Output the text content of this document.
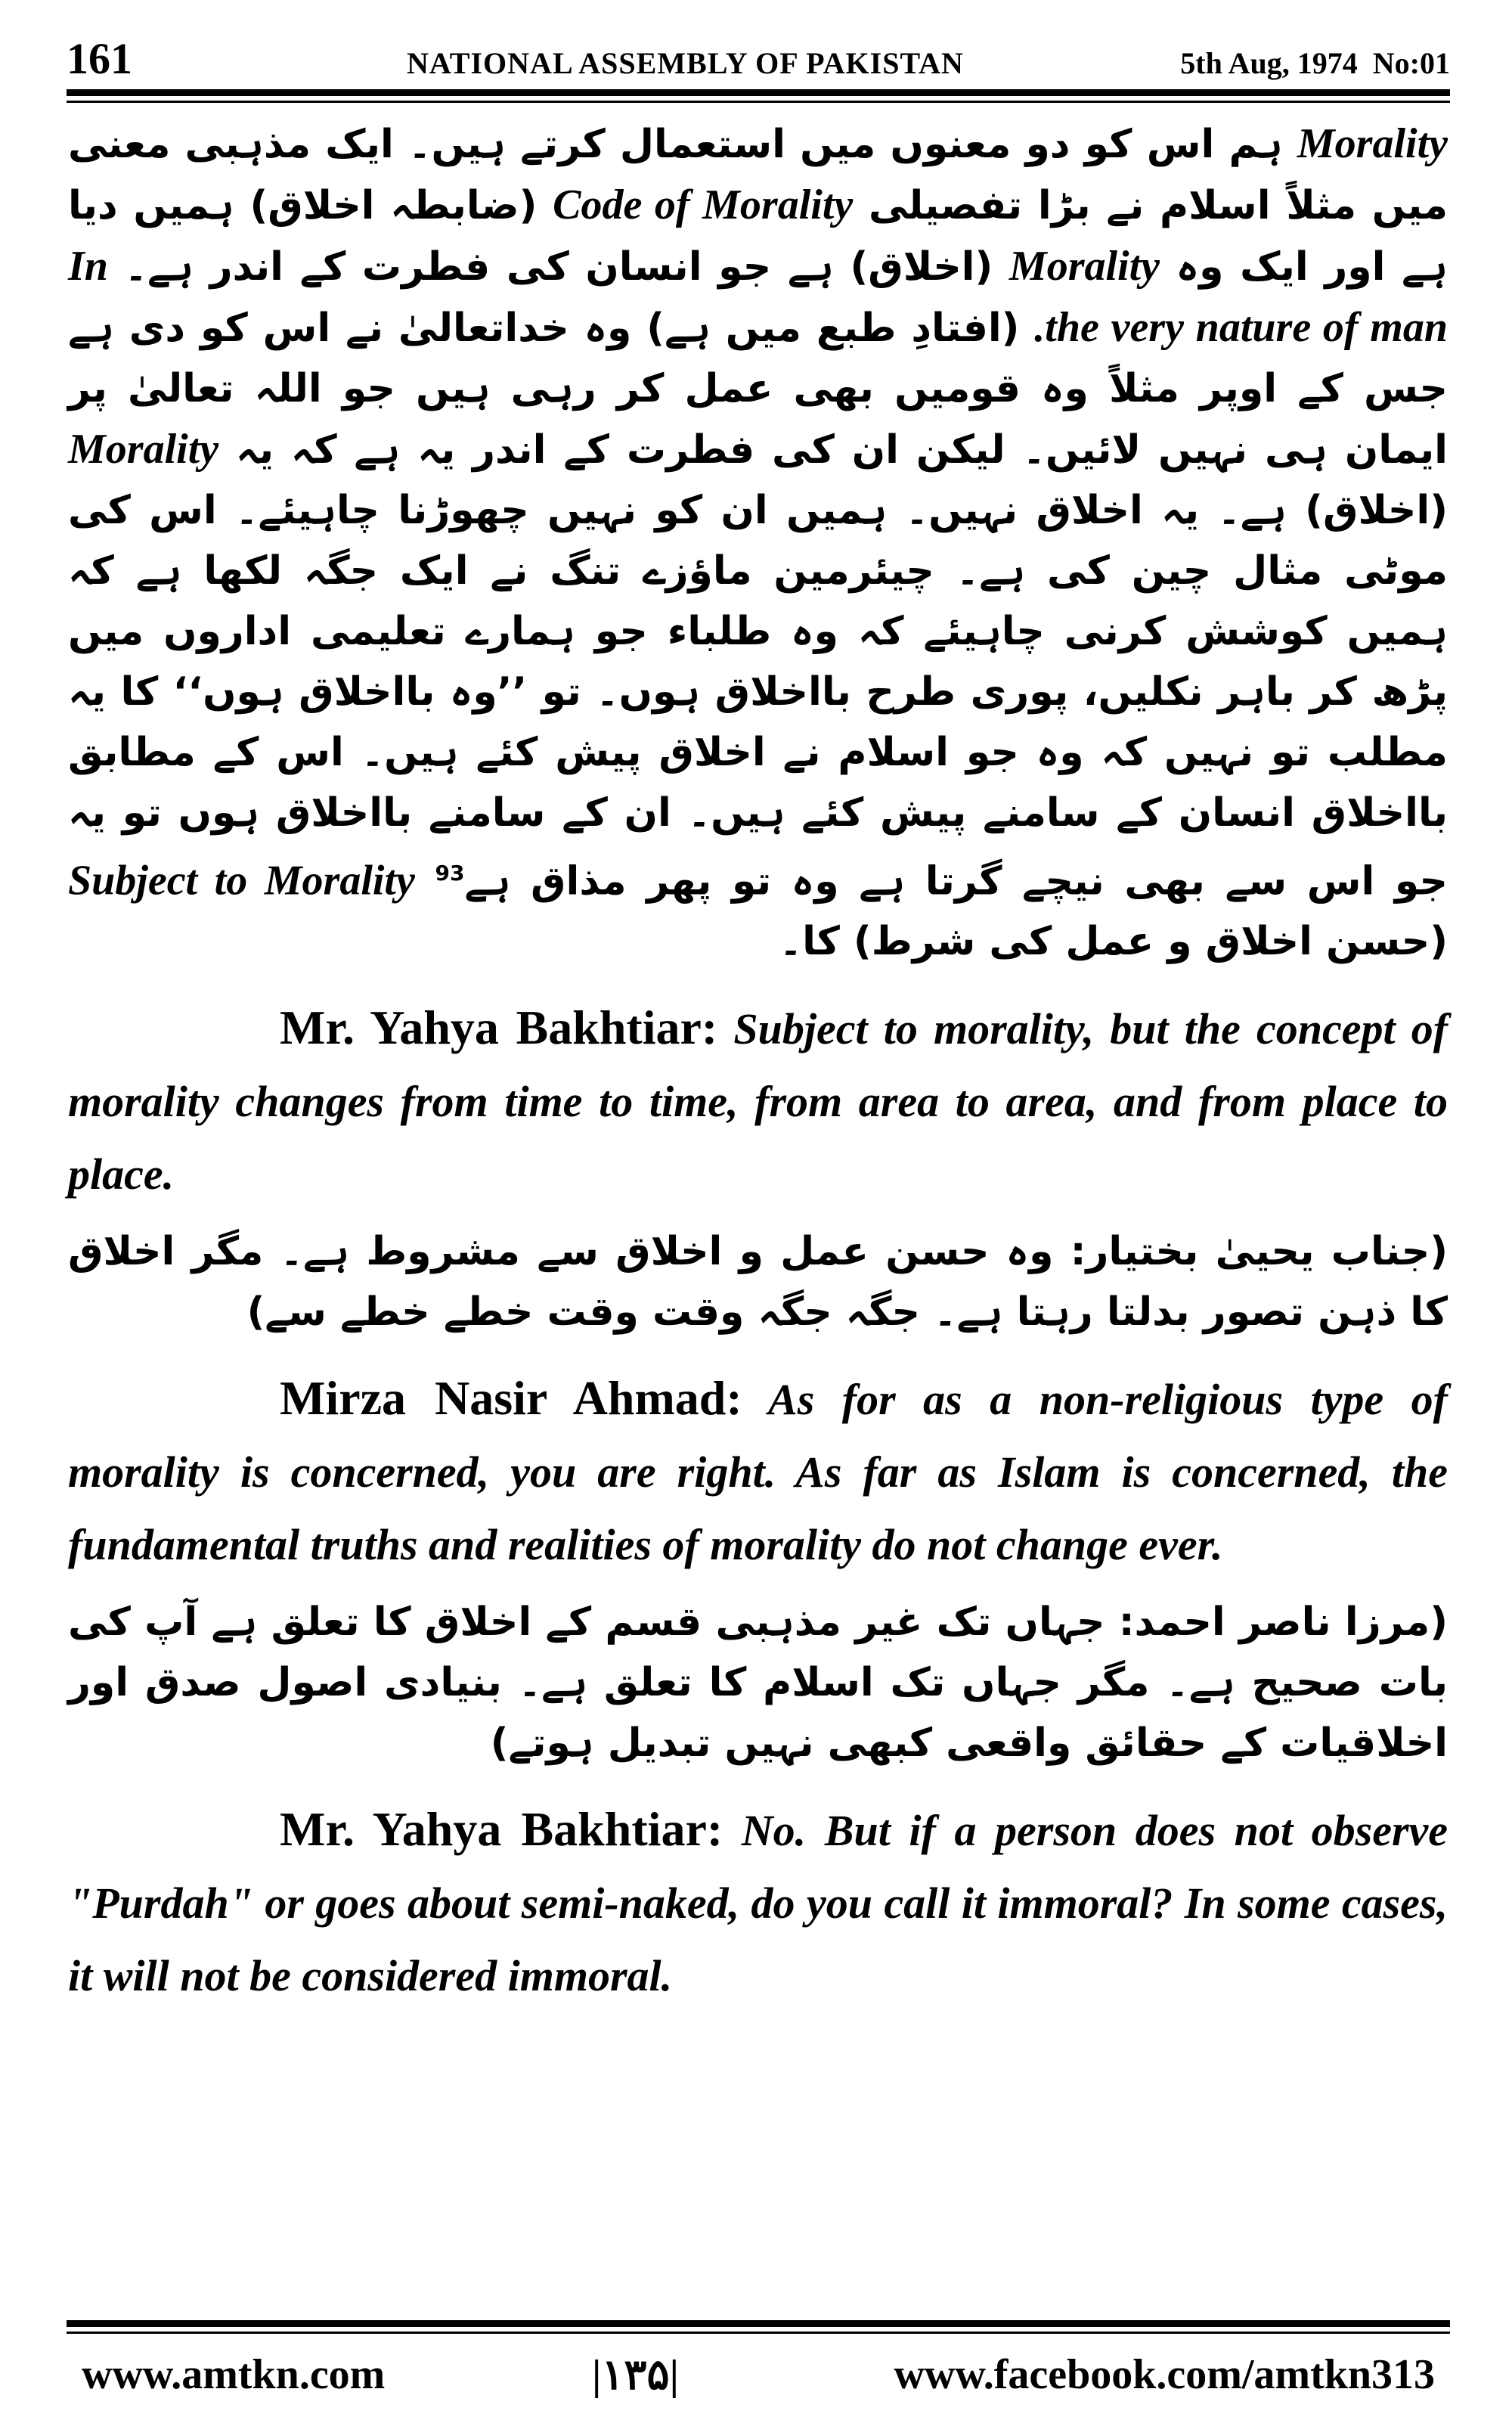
161	NATIONAL ASSEMBLY OF PAKISTAN	5th Aug, 1974 No:01
Morality ہم اس کو دو معنوں میں استعمال کرتے ہیں۔ ایک مذہبی معنی میں مثلاً اسلام نے بڑا تفصیلی Code of Morality (ضابطہ اخلاق) ہمیں دیا ہے اور ایک وہ Morality (اخلاق) ہے جو انسان کی فطرت کے اندر ہے۔ In the very nature of man. (افتادِ طبع میں ہے) وہ خداتعالیٰ نے اس کو دی ہے جس کے اوپر مثلاً وہ قومیں بھی عمل کر رہی ہیں جو اللہ تعالیٰ پر ایمان ہی نہیں لائیں۔ لیکن ان کی فطرت کے اندر یہ ہے کہ یہ Morality (اخلاق) ہے۔ یہ اخلاق نہیں۔ ہمیں ان کو نہیں چھوڑنا چاہیئے۔ اس کی موٹی مثال چین کی ہے۔ چیئرمین ماؤزے تنگ نے ایک جگہ لکھا ہے کہ ہمیں کوشش کرنی چاہیئے کہ وہ طلباء جو ہمارے تعلیمی اداروں میں پڑھ کر باہر نکلیں، پوری طرح بااخلاق ہوں۔ تو ’’وہ بااخلاق ہوں‘‘ کا یہ مطلب تو نہیں کہ وہ جو اسلام نے اخلاق پیش کئے ہیں۔ اس کے مطابق بااخلاق انسان کے سامنے پیش کئے ہیں۔ ان کے سامنے بااخلاق ہوں تو یہ جو اس سے بھی نیچے گرتا ہے وہ تو پھر مذاق ہے$^{93}$ Subject to Morality (حسن اخلاق و عمل کی شرط) کا۔
Mr. Yahya Bakhtiar: Subject to morality, but the concept of morality changes from time to time, from area to area, and from place to place.
(جناب یحییٰ بختیار: وہ حسن عمل و اخلاق سے مشروط ہے۔ مگر اخلاق کا ذہن تصور بدلتا رہتا ہے۔ جگہ جگہ وقت وقت خطے خطے سے)
Mirza Nasir Ahmad: As for as a non-religious type of morality is concerned, you are right. As far as Islam is concerned, the fundamental truths and realities of morality do not change ever.
(مرزا ناصر احمد: جہاں تک غیر مذہبی قسم کے اخلاق کا تعلق ہے آپ کی بات صحیح ہے۔ مگر جہاں تک اسلام کا تعلق ہے۔ بنیادی اصول صدق اور اخلاقیات کے حقائق واقعی کبھی نہیں تبدیل ہوتے)
Mr. Yahya Bakhtiar: No. But if a person does not observe "Purdah" or goes about semi-naked, do you call it immoral? In some cases, it will not be considered immoral.
www.amtkn.com	|۱۳۵|	www.facebook.com/amtkn313
